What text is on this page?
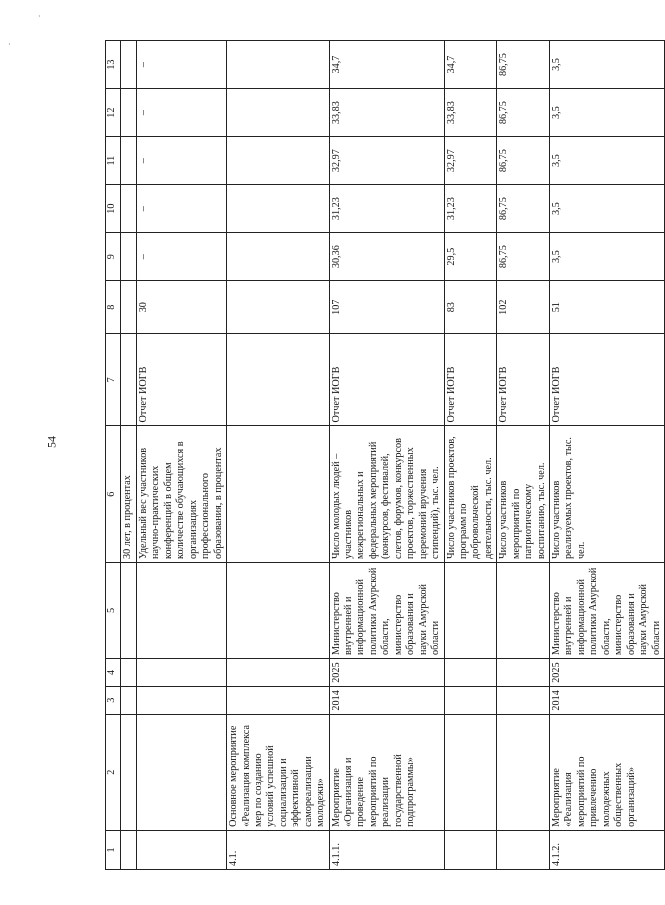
54
·
·
1	2	3	4	5	6	7	8	9	10	11	12	13
					30 лет, в процентах							
					Удельный вес участников научно-практических конференций в общем количестве обучающихся в организациях профессионального образования, в процентах	Отчет ИОГВ	30	–	–	–	–	–
4.1.	Основное мероприятие «Реализация комплекса мер по созданию условий успешной социализации и эффективной самореализации молодежи»											
4.1.1.	Мероприятие «Организация и проведение мероприятий по реализации государственной подпрограммы»	2014	2025	Министерство внутренней и информационной политики Амурской области, министерство образования и науки Амурской области	Число молодых людей – участников межрегиональных и федеральных мероприятий (конкурсов, фестивалей, слетов, форумов, конкурсов проектов, торжественных церемоний вручения стипендий), тыс. чел.	Отчет ИОГВ	107	30,36	31,23	32,97	33,83	34,7
					Число участников проектов, программ по добровольческой деятельности, тыс. чел.	Отчет ИОГВ	83	29,5	31,23	32,97	33,83	34,7
					Число участников мероприятий по патриотическому воспитанию, тыс. чел.	Отчет ИОГВ	102	86,75	86,75	86,75	86,75	86,75
4.1.2.	Мероприятие «Реализация мероприятий по привлечению молодежных общественных организаций»	2014	2025	Министерство внутренней и информационной политики Амурской области, министерство образования и науки Амурской области	Число участников реализуемых проектов, тыс. чел.	Отчет ИОГВ	51	3,5	3,5	3,5	3,5	3,5
